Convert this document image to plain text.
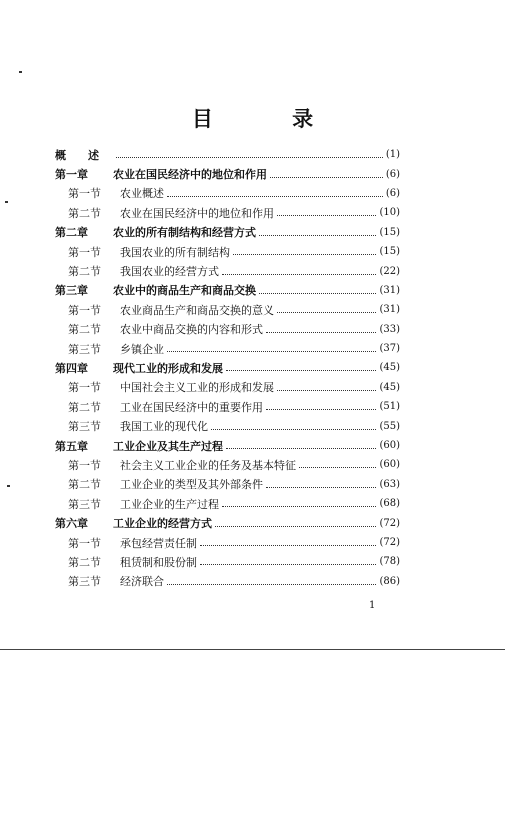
目 录
概　　述	(1)
第一章 农业在国民经济中的地位和作用	(6)
第一节 农业概述	(6)
第二节 农业在国民经济中的地位和作用	(10)
第二章 农业的所有制结构和经营方式	(15)
第一节 我国农业的所有制结构	(15)
第二节 我国农业的经营方式	(22)
第三章 农业中的商品生产和商品交换	(31)
第一节 农业商品生产和商品交换的意义	(31)
第二节 农业中商品交换的内容和形式	(33)
第三节 乡镇企业	(37)
第四章 现代工业的形成和发展	(45)
第一节 中国社会主义工业的形成和发展	(45)
第二节 工业在国民经济中的重要作用	(51)
第三节 我国工业的现代化	(55)
第五章 工业企业及其生产过程	(60)
第一节 社会主义工业企业的任务及基本特征	(60)
第二节 工业企业的类型及其外部条件	(63)
第三节 工业企业的生产过程	(68)
第六章 工业企业的经营方式	(72)
第一节 承包经营责任制	(72)
第二节 租赁制和股份制	(78)
第三节 经济联合	(86)
1
